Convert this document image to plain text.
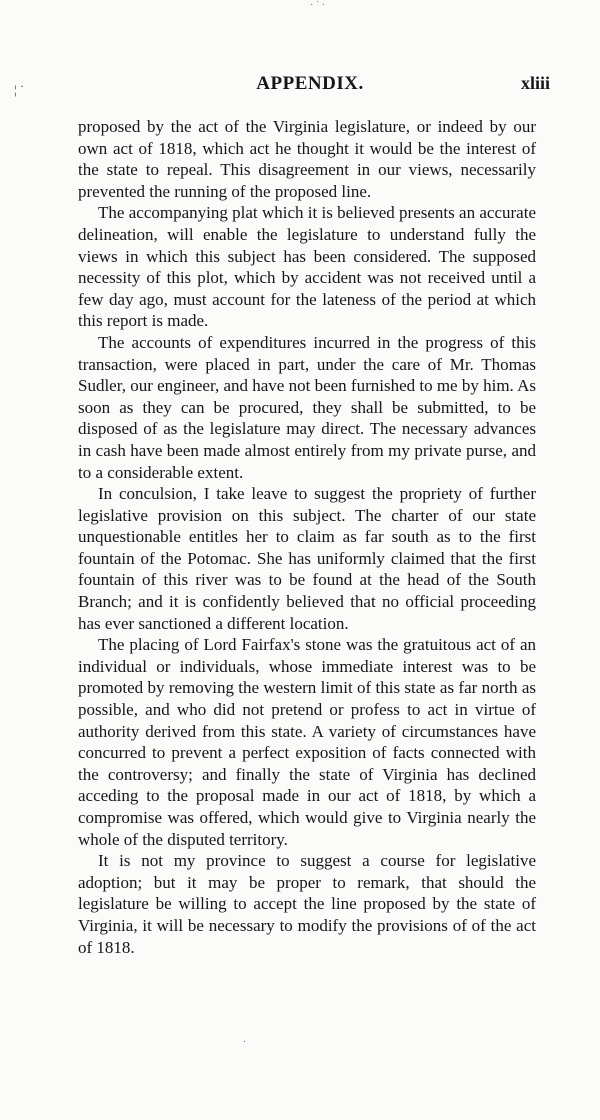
· ˙ ·
¦ ˙	APPENDIX.	xliii

proposed by the act of the Virginia legislature, or indeed by our own act of 1818, which act he thought it would be the interest of the state to repeal. This disagreement in our views, necessarily prevented the running of the proposed line.

The accompanying plat which it is believed presents an accurate delineation, will enable the legislature to understand fully the views in which this subject has been considered. The supposed necessity of this plot, which by accident was not received until a few day ago, must account for the lateness of the period at which this report is made.

The accounts of expenditures incurred in the progress of this transaction, were placed in part, under the care of Mr. Thomas Sudler, our engineer, and have not been furnished to me by him. As soon as they can be procured, they shall be submitted, to be disposed of as the legislature may direct. The necessary advances in cash have been made almost entirely from my private purse, and to a considerable extent.

In conculsion, I take leave to suggest the propriety of further legislative provision on this subject. The charter of our state unquestionable entitles her to claim as far south as to the first fountain of the Potomac. She has uniformly claimed that the first fountain of this river was to be found at the head of the South Branch; and it is confidently believed that no official proceeding has ever sanctioned a different location.

The placing of Lord Fairfax's stone was the gratuitous act of an individual or individuals, whose immediate interest was to be promoted by removing the western limit of this state as far north as possible, and who did not pretend or profess to act in virtue of authority derived from this state. A variety of circumstances have concurred to prevent a perfect exposition of facts connected with the controversy; and finally the state of Virginia has declined acceding to the proposal made in our act of 1818, by which a compromise was offered, which would give to Virginia nearly the whole of the disputed territory.

It is not my province to suggest a course for legislative adoption; but it may be proper to remark, that should the legislature be willing to accept the line proposed by the state of Virginia, it will be necessary to modify the provisions of of the act of 1818.

˙
